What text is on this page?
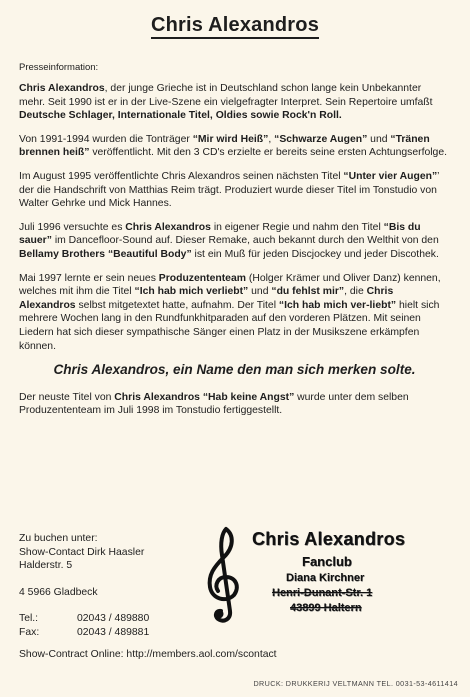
Chris Alexandros
Presseinformation:

Chris Alexandros, der junge Grieche ist in Deutschland schon lange kein Unbekannter mehr. Seit 1990 ist er in der Live-Szene ein vielgefragter Interpret. Sein Repertoire umfaßt Deutsche Schlager, Internationale Titel, Oldies sowie Rock'n Roll.

Von 1991-1994 wurden die Tonträger “Mir wird Heiß”, “Schwarze Augen” und “Tränen brennen heiß” veröffentlicht. Mit den 3 CD's erzielte er bereits seine ersten Achtungserfolge.

Im August 1995 veröffentlichte Chris Alexandros seinen nächsten Titel “Unter vier Augen”’ der die Handschrift von Matthias Reim trägt. Produziert wurde dieser Titel im Tonstudio von Walter Gehrke und Mick Hannes.

Juli 1996 versuchte es Chris Alexandros in eigener Regie und nahm den Titel “Bis du sauer” im Dancefloor-Sound auf. Dieser Remake, auch bekannt durch den Welthit von den Bellamy Brothers “Beautiful Body” ist ein Muß für jeden Discjockey und jeder Discothek.

Mai 1997 lernte er sein neues Produzententeam (Holger Krämer und Oliver Danz) kennen, welches mit ihm die Titel “Ich hab mich verliebt” und “du fehlst mir”, die Chris Alexandros selbst mitgetextet hatte, aufnahm. Der Titel “Ich hab mich ver-liebt” hielt sich mehrere Wochen lang in den Rundfunkhitparaden auf den vorderen Plätzen. Mit seinen Liedern hat sich dieser sympathische Sänger einen Platz in der Musikszene erkämpfen können.

Chris Alexandros, ein Name den man sich merken solte.

Der neuste Titel von Chris Alexandros “Hab keine Angst” wurde unter dem selben Produzententeam im Juli 1998 im Tonstudio fertiggestellt.

Zu buchen unter:
Show-Contact Dirk Haasler
Halderstr. 5
4 5966 Gladbeck
Tel.:	02043 / 489880
Fax:	02043 / 489881
Show-Contract Online: http://members.aol.com/scontact
Chris Alexandros
Fanclub
Diana Kirchner
Henri-Dunant-Str. 1
43899 Haltern
DRUCK: DRUKKERIJ VELTMANN TEL. 0031-53-4611414
